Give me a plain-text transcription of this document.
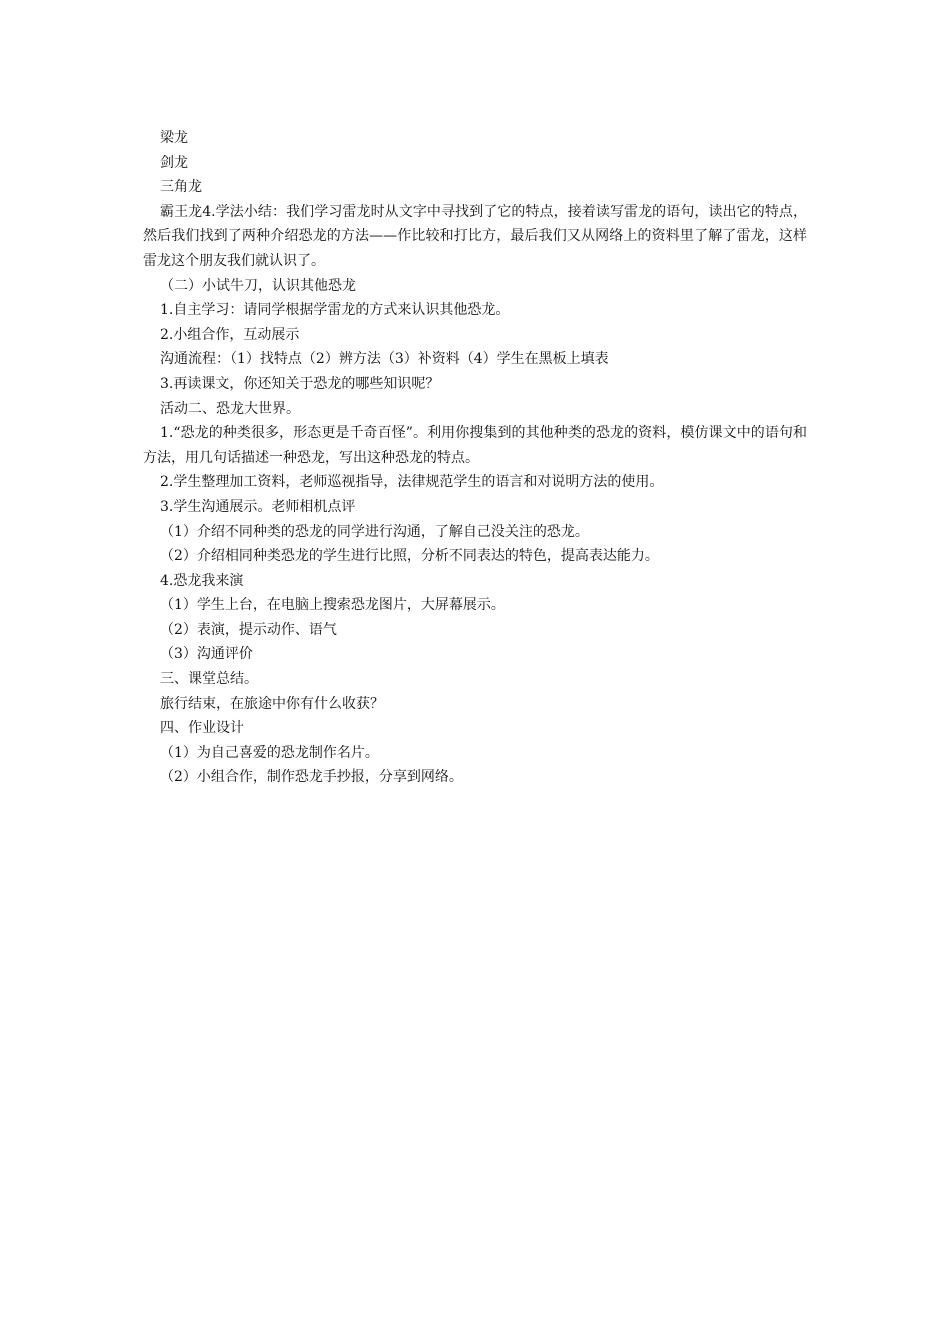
梁龙

剑龙

三角龙

霸王龙4.学法小结：我们学习雷龙时从文字中寻找到了它的特点，接着读写雷龙的语句，读出它的特点，然后我们找到了两种介绍恐龙的方法——作比较和打比方，最后我们又从网络上的资料里了解了雷龙，这样雷龙这个朋友我们就认识了。

（二）小试牛刀，认识其他恐龙

1.自主学习：请同学根据学雷龙的方式来认识其他恐龙。

2.小组合作，互动展示

沟通流程：（1）找特点（2）辨方法（3）补资料（4）学生在黑板上填表

3.再读课文，你还知关于恐龙的哪些知识呢？

活动二、恐龙大世界。

1.“恐龙的种类很多，形态更是千奇百怪”。利用你搜集到的其他种类的恐龙的资料，模仿课文中的语句和方法，用几句话描述一种恐龙，写出这种恐龙的特点。

2.学生整理加工资料，老师巡视指导，法律规范学生的语言和对说明方法的使用。

3.学生沟通展示。老师相机点评

（1）介绍不同种类的恐龙的同学进行沟通，了解自己没关注的恐龙。

（2）介绍相同种类恐龙的学生进行比照，分析不同表达的特色，提高表达能力。

4.恐龙我来演

（1）学生上台，在电脑上搜索恐龙图片，大屏幕展示。

（2）表演，提示动作、语气

（3）沟通评价

三、课堂总结。

旅行结束，在旅途中你有什么收获？

四、作业设计

（1）为自己喜爱的恐龙制作名片。

（2）小组合作，制作恐龙手抄报，分享到网络。
